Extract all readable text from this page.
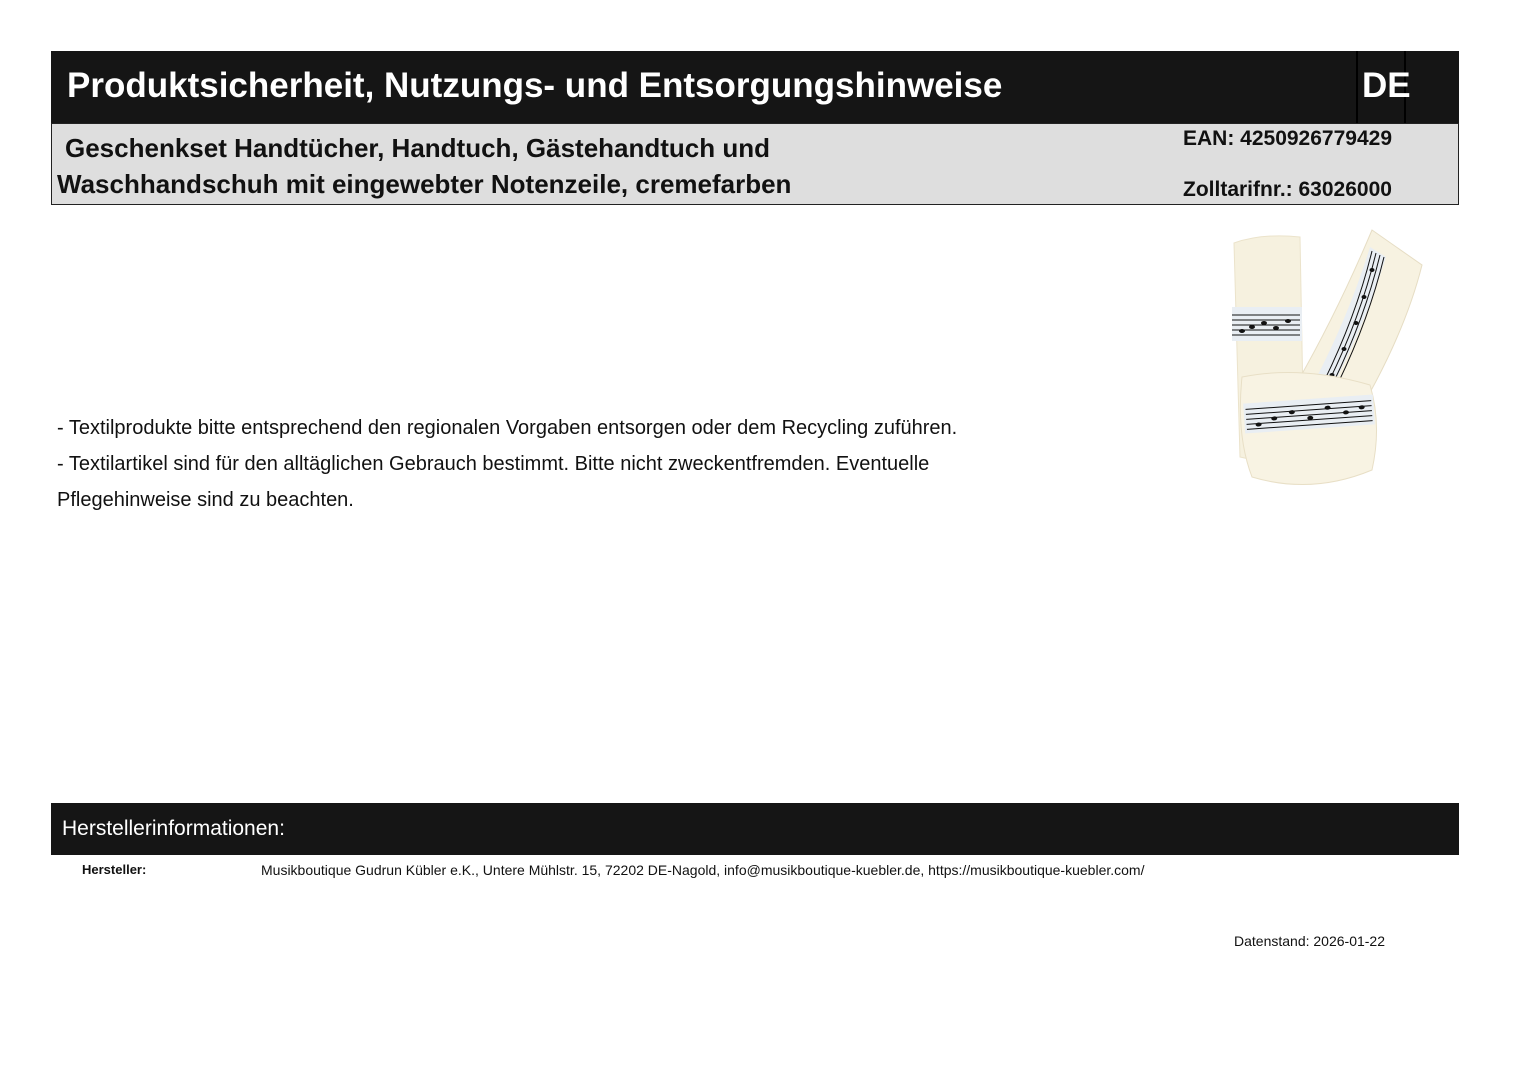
Produktsicherheit, Nutzungs- und Entsorgungshinweise	DE
Geschenkset Handtücher, Handtuch, Gästehandtuch und
Waschhandschuh mit eingewebter Notenzeile, cremefarben
EAN: 4250926779429
Zolltarifnr.: 63026000

- Textilprodukte bitte entsprechend den regionalen Vorgaben entsorgen oder dem Recycling zuführen.

- Textilartikel sind für den alltäglichen Gebrauch bestimmt. Bitte nicht zweckentfremden. Eventuelle Pflegehinweise sind zu beachten.

Herstellerinformationen:
Hersteller:	Musikboutique Gudrun Kübler e.K., Untere Mühlstr. 15, 72202 DE-Nagold, info@musikboutique-kuebler.de, https://musikboutique-kuebler.com/
Datenstand: 2026-01-22
